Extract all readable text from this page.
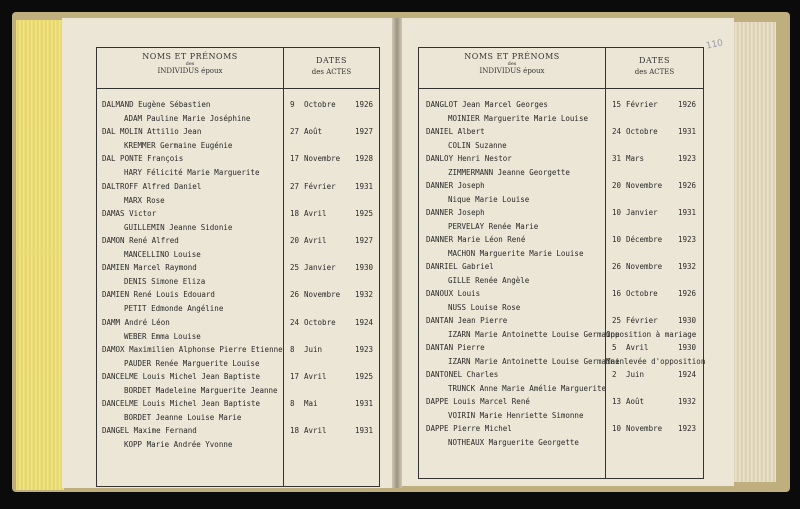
110
NOMS ET PRÉNOMS
des
INDIVIDUS époux
DATES
des ACTES
DALMAND Eugène Sébastien
ADAM Pauline Marie Joséphine
9 Octobre	1926
DAL MOLIN Attilio Jean
KREMMER Germaine Eugénie
27 Août	1927
DAL PONTE François
HARY Félicité Marie Marguerite
17 Novembre 1928
DALTROFF Alfred Daniel
MARX Rose
27 Février	1931
DAMAS Victor
GUILLEMIN Jeanne Sidonie
18 Avril	1925
DAMON René Alfred
MANCELLINO Louise
20 Avril	1927
DAMIEN Marcel Raymond
DENIS Simone Eliza
25 Janvier	1930
DAMIEN René Louis Edouard
PETIT Edmonde Angéline
26 Novembre 1932
DAMM André Léon
WEBER Emma Louise
24 Octobre	1924
DAMOX Maximilien Alphonse Pierre Etienne
PAUDER Renée Marguerite Louise
8 Juin	1923
DANCELME Louis Michel Jean Baptiste
BORDET Madeleine Marguerite Jeanne
17 Avril	1925
DANCELME Louis Michel Jean Baptiste
BORDET Jeanne Louise Marie
8 Mai	1931
DANGEL Maxime Fernand
KOPP Marie Andrée Yvonne
18 Avril	1931
NOMS ET PRÉNOMS
des
INDIVIDUS époux
DATES
des ACTES
DANGLOT Jean Marcel Georges
MOINIER Marguerite Marie Louise
15 Février	1926
DANIEL Albert
COLIN Suzanne
24 Octobre	1931
DANLOY Henri Nestor
ZIMMERMANN Jeanne Georgette
31 Mars	1923
DANNER Joseph
Nique Marie Louise
20 Novembre 1926
DANNER Joseph
PERVELAY Renée Marie
10 Janvier	1931
DANNER Marie Léon René
MACHON Marguerite Marie Louise
10 Décembre 1923
DANRIEL Gabriel
GILLE Renée Angèle
26 Novembre 1932
DANOUX Louis
NUSS Louise Rose
16 Octobre	1926
DANTAN Jean Pierre
IZARN Marie Antoinette Louise Germaine
25 Février	1930
Opposition à mariage
DANTAN Pierre
IZARN Marie Antoinette Louise Germaine
5 Avril	1930
Mainlevée d'opposition
DANTONEL Charles
TRUNCK Anne Marie Amélie Marguerite
2 Juin	1924
DAPPE Louis Marcel René
VOIRIN Marie Henriette Simonne
13 Août	1932
DAPPE Pierre Michel
NOTHEAUX Marguerite Georgette
10 Novembre 1923
